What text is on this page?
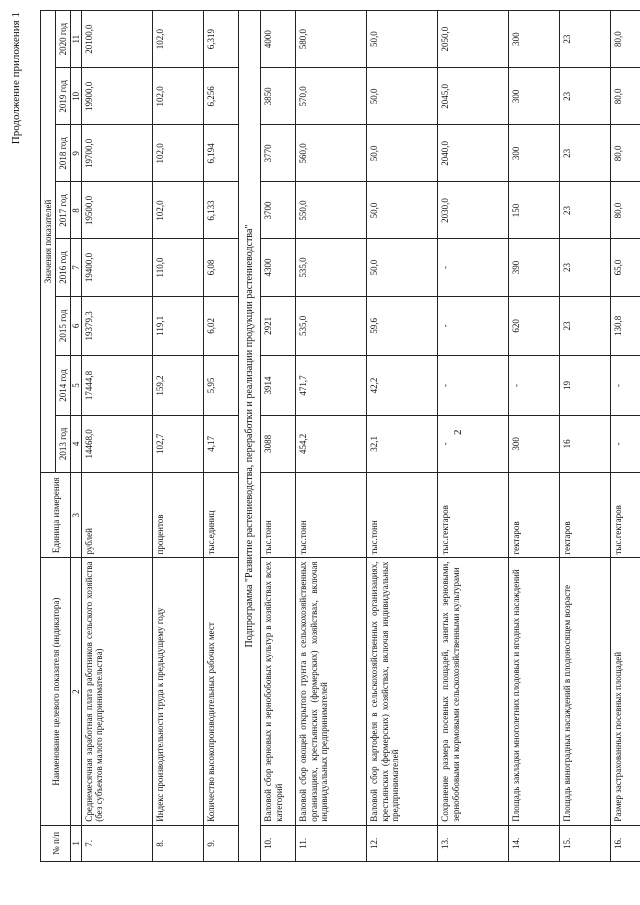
Продолжение приложения 1
2
№ п/п	Наименование целевого показателя (индикатора)	Единица измерения	Значения показателей							
			2013 год	2014 год	2015 год	2016 год	2017 год	2018 год	2019 год	2020 год
1	2	3	4	5	6	7	8	9	10	11
7.	Среднемесячная заработная плата работников сельского хозяйства (без субъектов малого предпринимательства)	рублей	14468,0	17444,8	19379,3	19400,0	19500,0	19700,0	19900,0	20100,0
8.	Индекс производительности труда к предыдущему году	процентов	102,7	159,2	119,1	110,0	102,0	102,0	102,0	102,0
9.	Количество высокопроизводительных рабочих мест	тыс.единиц	4,17	5,95	6,02	6,08	6,133	6,194	6,256	6,319
Подпрограмма "Развитие растениеводства, переработки и реализации продукции растениеводства"										
10.	Валовой сбор зерновых и зернобобовых культур в хозяйствах всех категорий	тыс.тонн	3088	3914	2921	4300	3700	3770	3850	4000
11.	Валовой сбор овощей открытого грунта в сельскохозяйственных организациях, крестьянских (фермерских) хозяйствах, включая индивидуальных предпринимателей	тыс.тонн	454,2	471,7	535,0	535,0	550,0	560,0	570,0	580,0
12.	Валовой сбор картофеля в сельскохозяйственных организациях, крестьянских (фермерских) хозяйствах, включая индивидуальных предпринимателей	тыс.тонн	32,1	42,2	59,6	50,0	50,0	50,0	50,0	50,0
13.	Сохранение размера посевных площадей, занятых зерновыми, зернобобовыми и кормовыми сельскохозяйственными культурами	тыс.гектаров	-	-	-	-	2030,0	2040,0	2045,0	2050,0
14.	Площадь закладки многолетних плодовых и ягодных насаждений	гектаров	300	-	620	390	150	300	300	300
15.	Площадь виноградных насаждений в плодоносящем возрасте	гектаров	16	19	23	23	23	23	23	23
16.	Размер застрахованных посевных площадей	тыс.гектаров	-	-	130,8	65,0	80,0	80,0	80,0	80,0
